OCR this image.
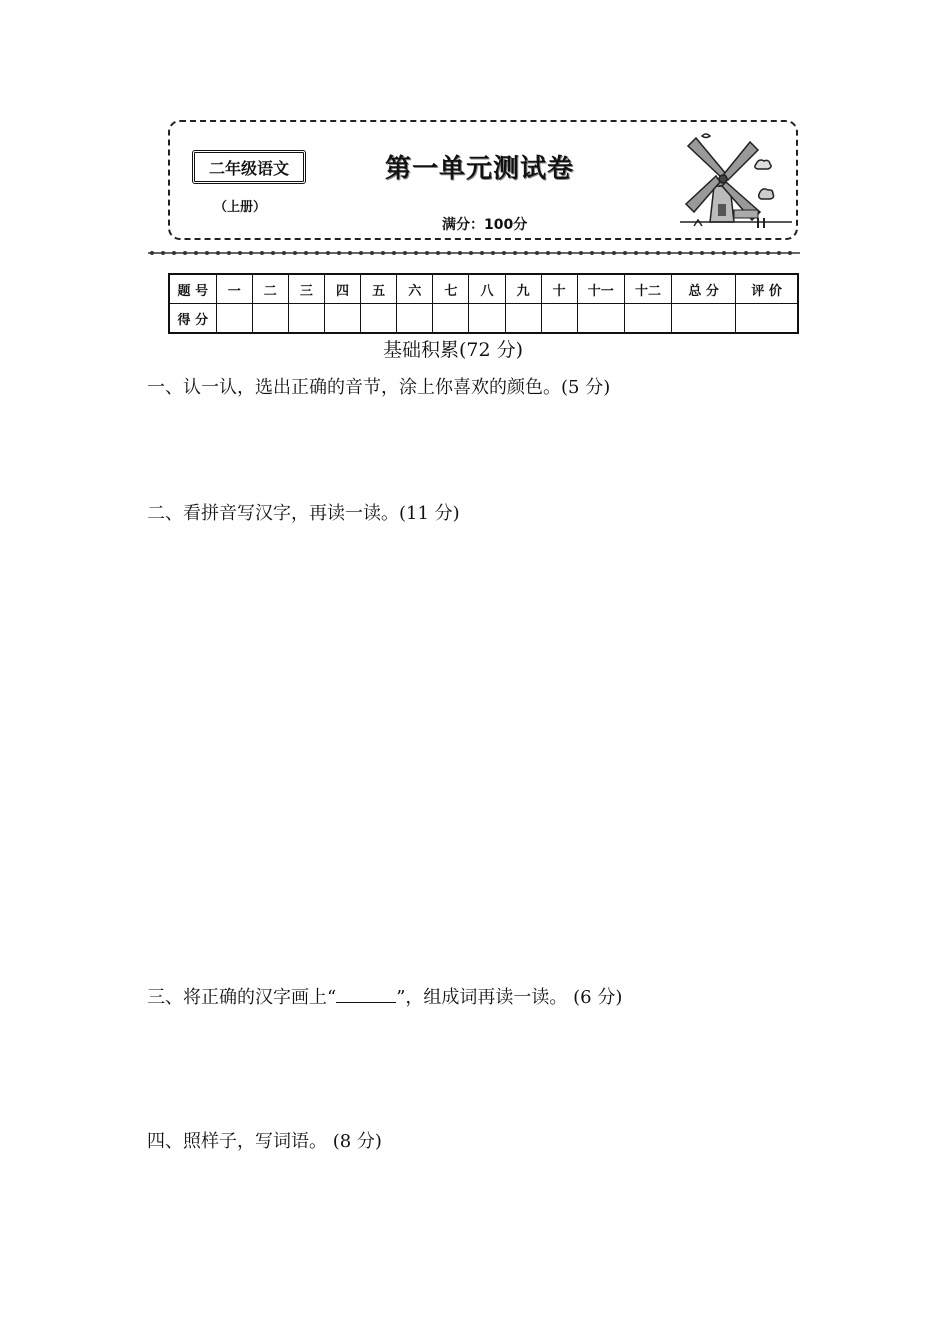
二年级语文
（上册）
第一单元测试卷
满分：100分
题 号	一	二	三	四	五	六	七	八	九	十	十一	十二	总 分	评 价
得 分														
基础积累(72 分)
一、认一认，选出正确的音节，涂上你喜欢的颜色。(5 分)
二、看拼音写汉字，再读一读。(11 分)
三、将正确的汉字画上“	”，组成词再读一读。 (6 分)
四、照样子，写词语。 (8 分)
